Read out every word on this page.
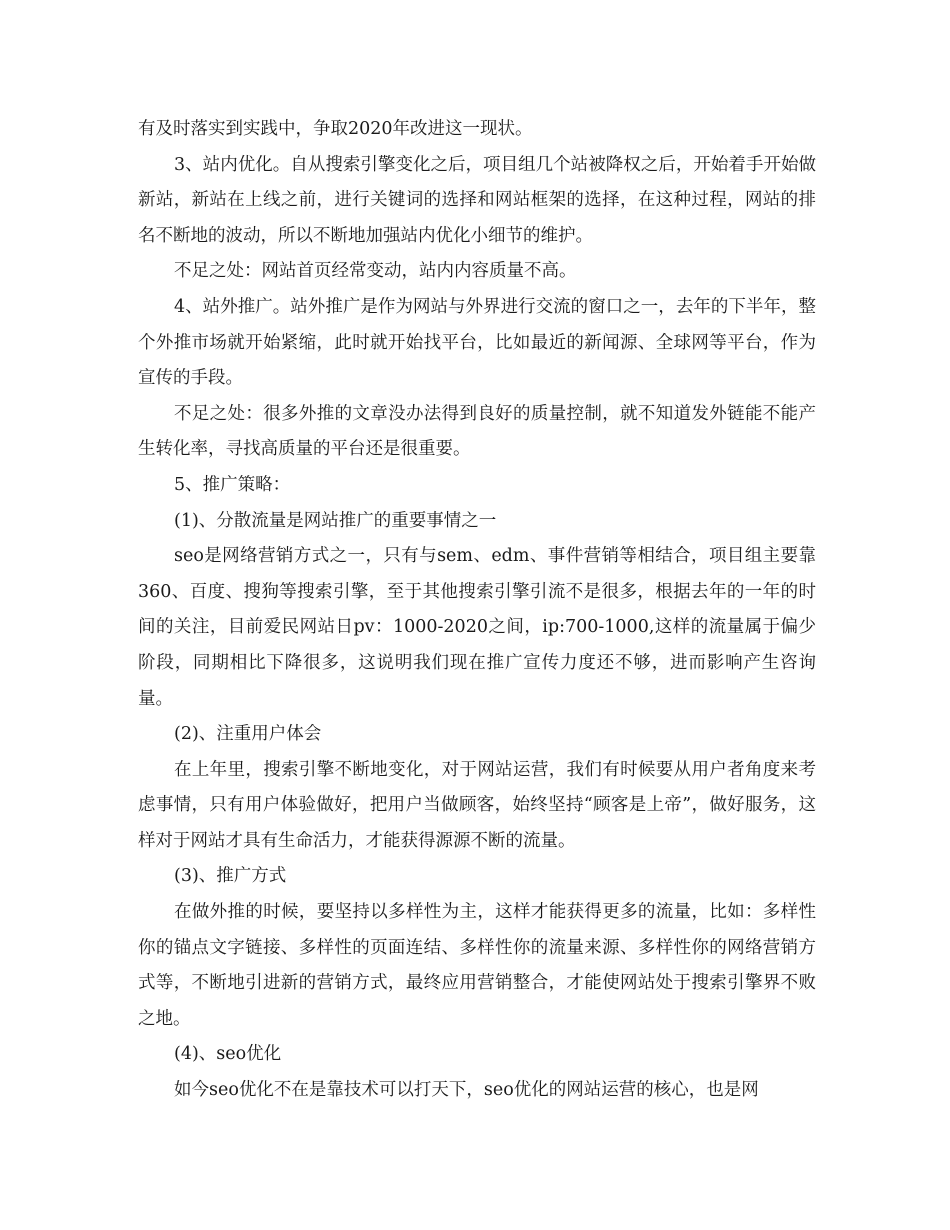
有及时落实到实践中，争取2020年改进这一现状。

3、站内优化。自从搜索引擎变化之后，项目组几个站被降权之后，开始着手开始做新站，新站在上线之前，进行关键词的选择和网站框架的选择，在这种过程，网站的排名不断地的波动，所以不断地加强站内优化小细节的维护。

不足之处：网站首页经常变动，站内内容质量不高。

4、站外推广。站外推广是作为网站与外界进行交流的窗口之一，去年的下半年，整个外推市场就开始紧缩，此时就开始找平台，比如最近的新闻源、全球网等平台，作为宣传的手段。

不足之处：很多外推的文章没办法得到良好的质量控制，就不知道发外链能不能产生转化率，寻找高质量的平台还是很重要。

5、推广策略：

(1)、分散流量是网站推广的重要事情之一

seo是网络营销方式之一，只有与sem、edm、事件营销等相结合，项目组主要靠360、百度、搜狗等搜索引擎，至于其他搜索引擎引流不是很多，根据去年的一年的时间的关注，目前爱民网站日pv：1000-2020之间，ip:700-1000,这样的流量属于偏少阶段，同期相比下降很多，这说明我们现在推广宣传力度还不够，进而影响产生咨询量。

(2)、注重用户体会

在上年里，搜索引擎不断地变化，对于网站运营，我们有时候要从用户者角度来考虑事情，只有用户体验做好，把用户当做顾客，始终坚持“顾客是上帝”，做好服务，这样对于网站才具有生命活力，才能获得源源不断的流量。

(3)、推广方式

在做外推的时候，要坚持以多样性为主，这样才能获得更多的流量，比如：多样性你的锚点文字链接、多样性的页面连结、多样性你的流量来源、多样性你的网络营销方式等，不断地引进新的营销方式，最终应用营销整合，才能使网站处于搜索引擎界不败之地。

(4)、seo优化

如今seo优化不在是靠技术可以打天下，seo优化的网站运营的核心，也是网
